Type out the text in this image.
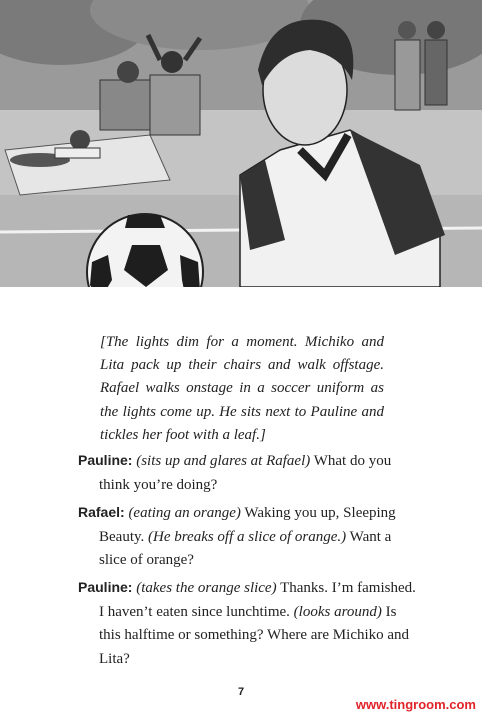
[The lights dim for a moment. Michiko and Lita pack up their chairs and walk offstage. Rafael walks onstage in a soccer uniform as the lights come up. He sits next to Pauline and tickles her foot with a leaf.]
Pauline: (sits up and glares at Rafael) What do you think you’re doing?
Rafael: (eating an orange) Waking you up, Sleeping Beauty. (He breaks off a slice of orange.) Want a slice of orange?
Pauline: (takes the orange slice) Thanks. I’m famished. I haven’t eaten since lunchtime. (looks around) Is this halftime or something? Where are Michiko and Lita?
7
www.tingroom.com
